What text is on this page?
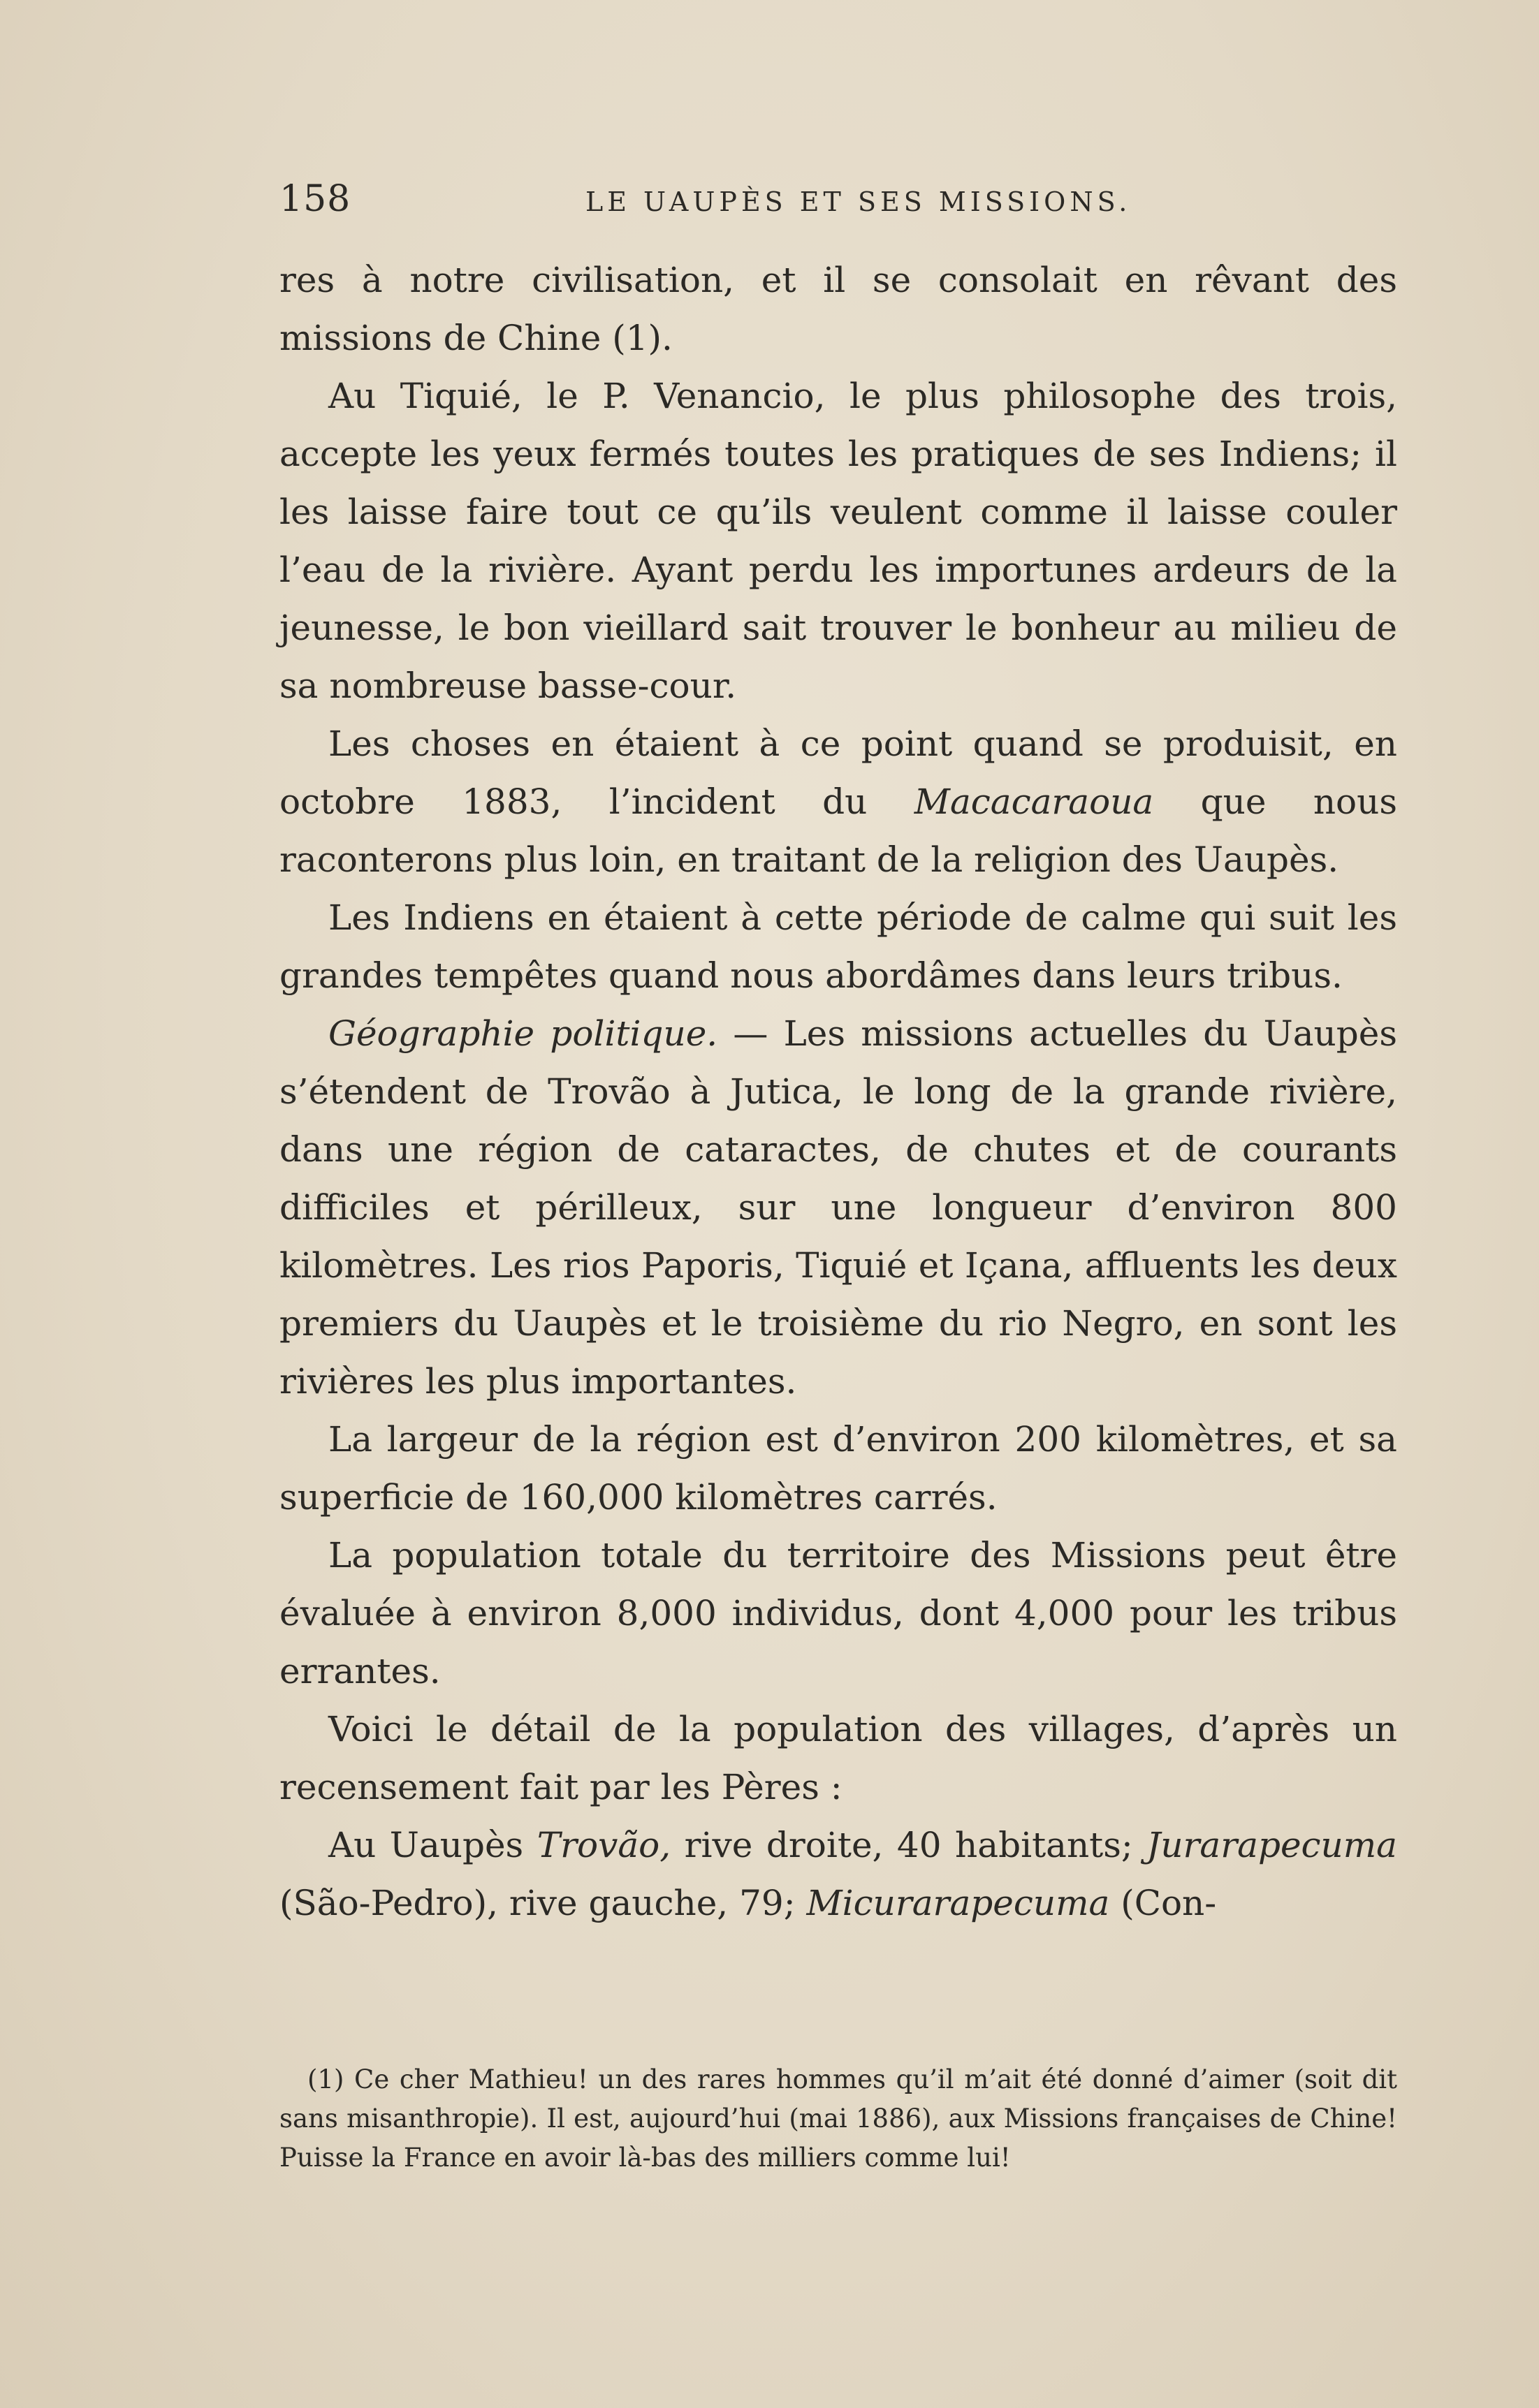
158	LE UAUPÈS ET SES MISSIONS.

res à notre civilisation, et il se consolait en rêvant des missions de Chine (1).

Au Tiquié, le P. Venancio, le plus philosophe des trois, accepte les yeux fermés toutes les pratiques de ses Indiens; il les laisse faire tout ce qu’ils veulent comme il laisse couler l’eau de la rivière. Ayant perdu les importunes ardeurs de la jeunesse, le bon vieillard sait trouver le bonheur au milieu de sa nombreuse basse-cour.

Les choses en étaient à ce point quand se produisit, en octobre 1883, l’incident du Macacaraoua que nous raconterons plus loin, en traitant de la religion des Uaupès.

Les Indiens en étaient à cette période de calme qui suit les grandes tempêtes quand nous abordâmes dans leurs tribus.

Géographie politique. — Les missions actuelles du Uaupès s’étendent de Trovão à Jutica, le long de la grande rivière, dans une région de cataractes, de chutes et de courants difficiles et périlleux, sur une longueur d’environ 800 kilomètres. Les rios Paporis, Tiquié et Içana, affluents les deux premiers du Uaupès et le troisième du rio Negro, en sont les rivières les plus importantes.

La largeur de la région est d’environ 200 kilomètres, et sa superficie de 160,000 kilomètres carrés.

La population totale du territoire des Missions peut être évaluée à environ 8,000 individus, dont 4,000 pour les tribus errantes.

Voici le détail de la population des villages, d’après un recensement fait par les Pères :

Au Uaupès Trovão, rive droite, 40 habitants; Jurarapecuma (São-Pedro), rive gauche, 79; Micurarapecuma (Con-

(1) Ce cher Mathieu! un des rares hommes qu’il m’ait été donné d’aimer (soit dit sans misanthropie). Il est, aujourd’hui (mai 1886), aux Missions françaises de Chine! Puisse la France en avoir là-bas des milliers comme lui!
